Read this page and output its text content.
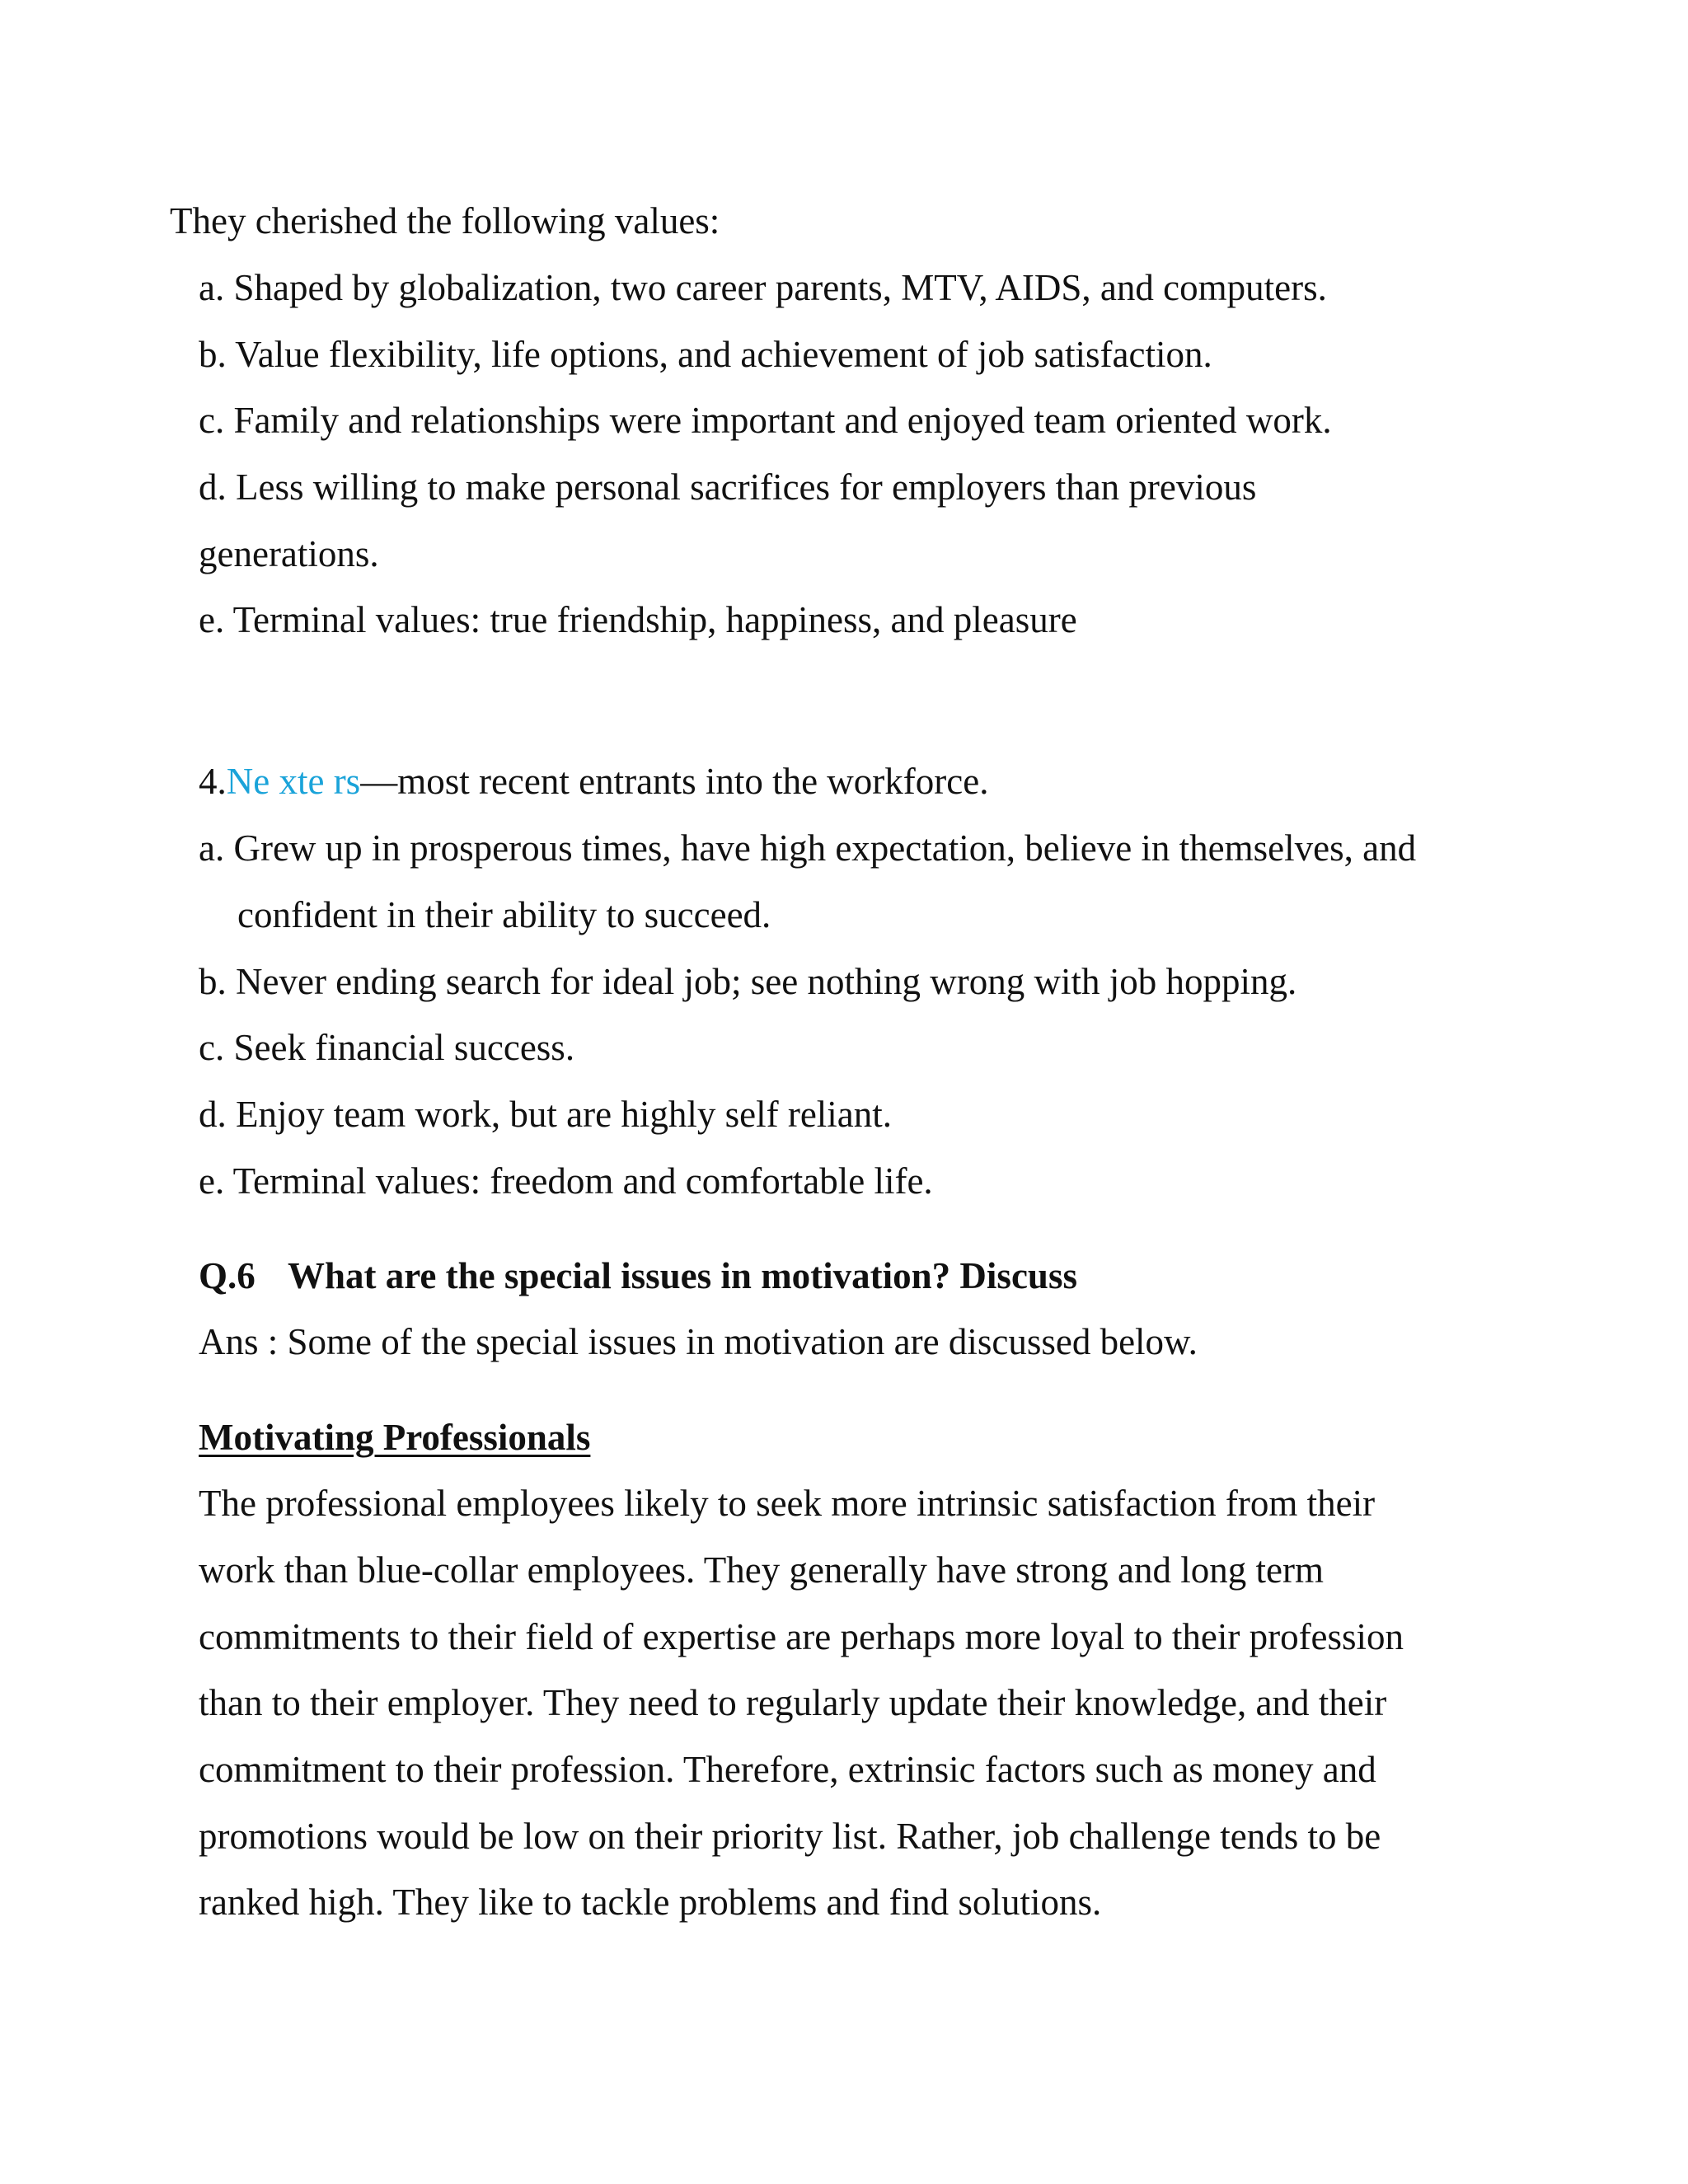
They cherished the following values:
a. Shaped by globalization, two career parents, MTV, AIDS, and computers.
b. Value flexibility, life options, and achievement of job satisfaction.
c. Family and relationships were important and enjoyed team oriented work.
d. Less willing to make personal sacrifices for employers than previous
generations.
e. Terminal values: true friendship, happiness, and pleasure
4.Ne xte rs—most recent entrants into the workforce.
a. Grew up in prosperous times, have high expectation, believe in themselves, and
confident in their ability to succeed.
b. Never ending search for ideal job; see nothing wrong with job hopping.
c. Seek financial success.
d. Enjoy team work, but are highly self reliant.
e. Terminal values: freedom and comfortable life.
Q.6 What are the special issues in motivation? Discuss
Ans : Some of the special issues in motivation are discussed below.
Motivating Professionals
The professional employees likely to seek more intrinsic satisfaction from their
work than blue-collar employees. They generally have strong and long term
commitments to their field of expertise are perhaps more loyal to their profession
than to their employer. They need to regularly update their knowledge, and their
commitment to their profession. Therefore, extrinsic factors such as money and
promotions would be low on their priority list. Rather, job challenge tends to be
ranked high. They like to tackle problems and find solutions.
